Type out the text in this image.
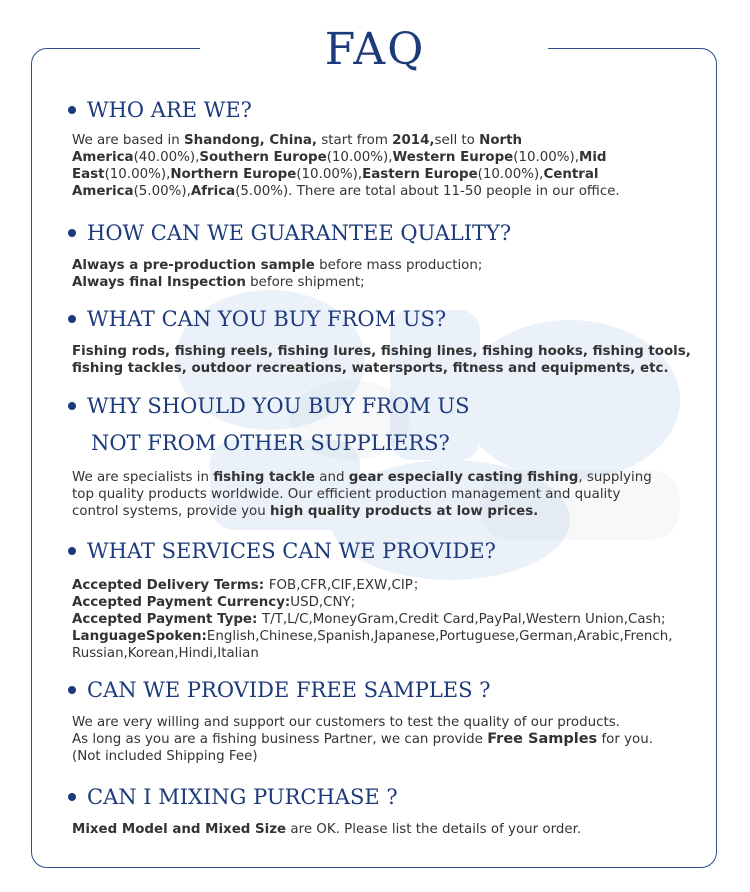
FAQ
WHO ARE WE?

We are based in Shandong, China, start from 2014,sell to North
America(40.00%),Southern Europe(10.00%),Western Europe(10.00%),Mid
East(10.00%),Northern Europe(10.00%),Eastern Europe(10.00%),Central
America(5.00%),Africa(5.00%). There are total about 11-50 people in our office.

HOW CAN WE GUARANTEE QUALITY?

Always a pre-production sample before mass production;
Always final Inspection before shipment;

WHAT CAN YOU BUY FROM US?

Fishing rods, fishing reels, fishing lures, fishing lines, fishing hooks, fishing tools,
fishing tackles, outdoor recreations, watersports, fitness and equipments, etc.

WHY SHOULD YOU BUY FROM US
NOT FROM OTHER SUPPLIERS?

We are specialists in fishing tackle and gear especially casting fishing, supplying
top quality products worldwide. Our efficient production management and quality
control systems, provide you high quality products at low prices.

WHAT SERVICES CAN WE PROVIDE?

Accepted Delivery Terms: FOB,CFR,CIF,EXW,CIP；
Accepted Payment Currency:USD,CNY;
Accepted Payment Type: T/T,L/C,MoneyGram,Credit Card,PayPal,Western Union,Cash;
LanguageSpoken:English,Chinese,Spanish,Japanese,Portuguese,German,Arabic,French,
Russian,Korean,Hindi,Italian

CAN WE PROVIDE FREE SAMPLES ?

We are very willing and support our customers to test the quality of our products.
As long as you are a fishing business Partner, we can provide Free Samples for you.
(Not included Shipping Fee)

CAN I MIXING PURCHASE ?

Mixed Model and Mixed Size are OK. Please list the details of your order.
